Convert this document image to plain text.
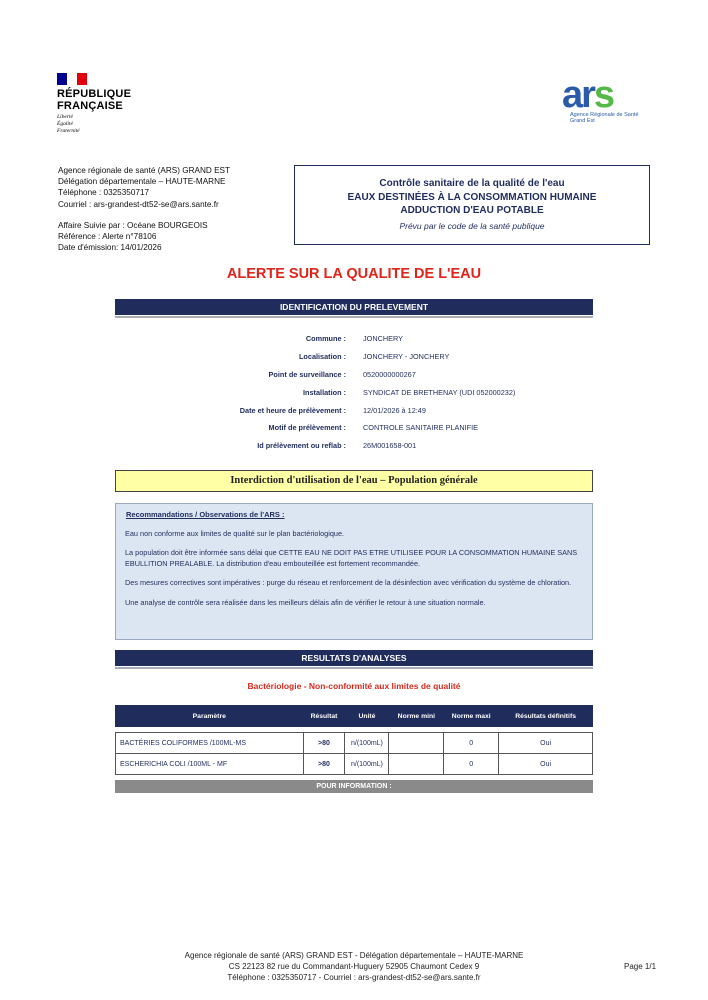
RÉPUBLIQUE
FRANÇAISE
Liberté
Égalité
Fraternité
ars
Agence Régionale de Santé
Grand Est
Agence régionale de santé (ARS) GRAND EST
Délégation départementale – HAUTE-MARNE
Téléphone : 0325350717
Courriel : ars-grandest-dt52-se@ars.sante.fr
Affaire Suivie par : Océane BOURGEOIS
Référence : Alerte n°78106
Date d'émission: 14/01/2026
Contrôle sanitaire de la qualité de l'eau
EAUX DESTINÉES À LA CONSOMMATION HUMAINE
ADDUCTION D'EAU POTABLE
Prévu par le code de la santé publique
ALERTE SUR LA QUALITE DE L'EAU
IDENTIFICATION DU PRELEVEMENT
Commune : JONCHERY
Localisation : JONCHERY - JONCHERY
Point de surveillance : 0520000000267
Installation : SYNDICAT DE BRETHENAY (UDI 052000232)
Date et heure de prélèvement : 12/01/2026 à 12:49
Motif de prélèvement : CONTROLE SANITAIRE PLANIFIE
Id prélèvement ou reflab : 26M001658-001
Interdiction d'utilisation de l'eau – Population générale
Recommandations / Observations de l'ARS :
Eau non conforme aux limites de qualité sur le plan bactériologique.
La population doit être informée sans délai que CETTE EAU NE DOIT PAS ETRE UTILISEE POUR LA CONSOMMATION HUMAINE SANS EBULLITION PREALABLE. La distribution d'eau embouteillée est fortement recommandée.
Des mesures correctives sont impératives : purge du réseau et renforcement de la désinfection avec vérification du système de chloration.
Une analyse de contrôle sera réalisée dans les meilleurs délais afin de vérifier le retour à une situation normale.
RESULTATS D'ANALYSES
Bactériologie - Non-conformité aux limites de qualité
Paramètre	Résultat	Unité	Norme mini	Norme maxi	Résultats définitifs

BACTÉRIES COLIFORMES /100ML-MS	>80	n/(100mL)		0	Oui
ESCHERICHIA COLI /100ML - MF	>80	n/(100mL)		0	Oui
POUR INFORMATION :
Agence régionale de santé (ARS) GRAND EST - Délégation départementale – HAUTE-MARNE
CS 22123 82 rue du Commandant-Huguery 52905 Chaumont Cedex 9
Téléphone : 0325350717 - Courriel : ars-grandest-dt52-se@ars.sante.fr
Page 1/1
